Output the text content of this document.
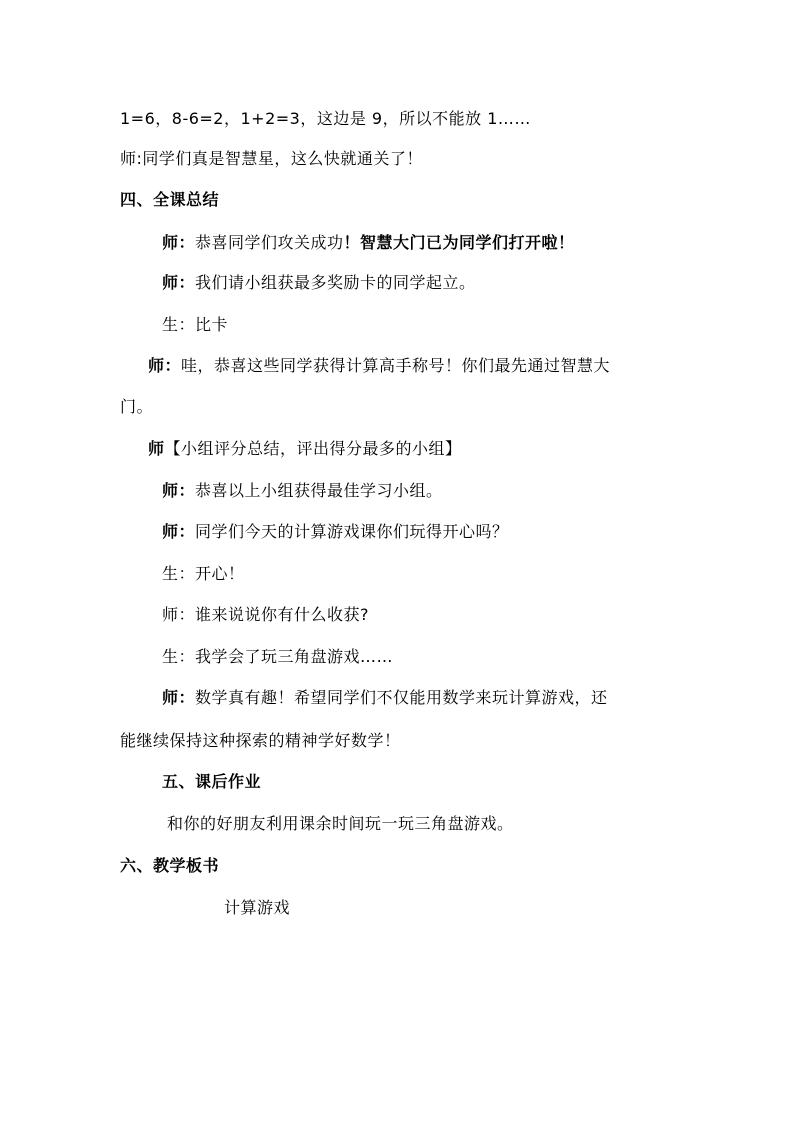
1=6，8-6=2，1+2=3，这边是 9，所以不能放 1……
师:同学们真是智慧星，这么快就通关了！
四、全课总结
师：恭喜同学们攻关成功！智慧大门已为同学们打开啦！
师：我们请小组获最多奖励卡的同学起立。
生：比卡
师：哇，恭喜这些同学获得计算高手称号！你们最先通过智慧大
门。
师【小组评分总结，评出得分最多的小组】
师：恭喜以上小组获得最佳学习小组。
师：同学们今天的计算游戏课你们玩得开心吗？
生：开心！
师：谁来说说你有什么收获?
生：我学会了玩三角盘游戏……
师：数学真有趣！希望同学们不仅能用数学来玩计算游戏，还
能继续保持这种探索的精神学好数学！
五、课后作业
和你的好朋友利用课余时间玩一玩三角盘游戏。
六、教学板书
计算游戏
